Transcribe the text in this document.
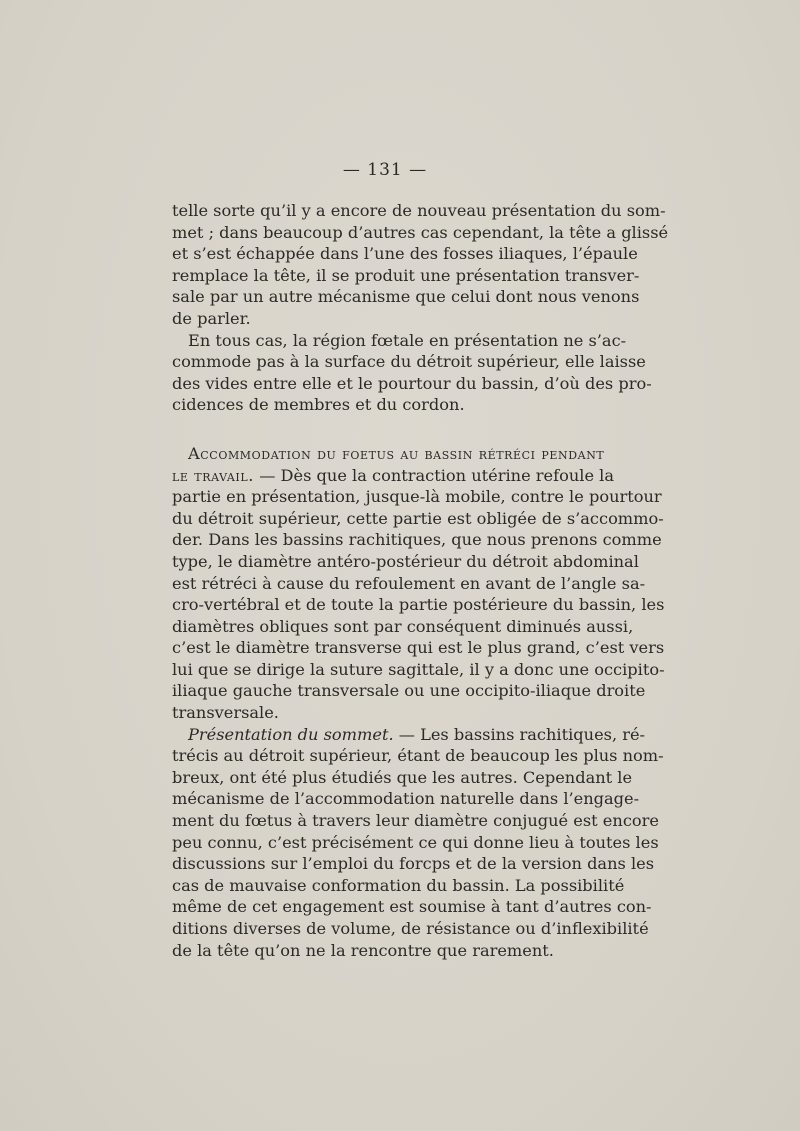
— 131 —
telle sorte qu’il y a encore de nouveau présentation du som-
met ; dans beaucoup d’autres cas cependant, la tête a glissé
et s’est échappée dans l’une des fosses iliaques, l’épaule
remplace la tête, il se produit une présentation transver-
sale par un autre mécanisme que celui dont nous venons
de parler.
En tous cas, la région fœtale en présentation ne s’ac-
commode pas à la surface du détroit supérieur, elle laisse
des vides entre elle et le pourtour du bassin, d’où des pro-
cidences de membres et du cordon.
Accommodation du foetus au bassin rétréci pendant
le travail. — Dès que la contraction utérine refoule la
partie en présentation, jusque-là mobile, contre le pourtour
du détroit supérieur, cette partie est obligée de s’accommo-
der. Dans les bassins rachitiques, que nous prenons comme
type, le diamètre antéro-postérieur du détroit abdominal
est rétréci à cause du refoulement en avant de l’angle sa-
cro-vertébral et de toute la partie postérieure du bassin, les
diamètres obliques sont par conséquent diminués aussi,
c’est le diamètre transverse qui est le plus grand, c’est vers
lui que se dirige la suture sagittale, il y a donc une occipito-
iliaque gauche transversale ou une occipito-iliaque droite
transversale.
Présentation du sommet. — Les bassins rachitiques, ré-
trécis au détroit supérieur, étant de beaucoup les plus nom-
breux, ont été plus étudiés que les autres. Cependant le
mécanisme de l’accommodation naturelle dans l’engage-
ment du fœtus à travers leur diamètre conjugué est encore
peu connu, c’est précisément ce qui donne lieu à toutes les
discussions sur l’emploi du forcps et de la version dans les
cas de mauvaise conformation du bassin. La possibilité
même de cet engagement est soumise à tant d’autres con-
ditions diverses de volume, de résistance ou d’inflexibilité
de la tête qu’on ne la rencontre que rarement.
